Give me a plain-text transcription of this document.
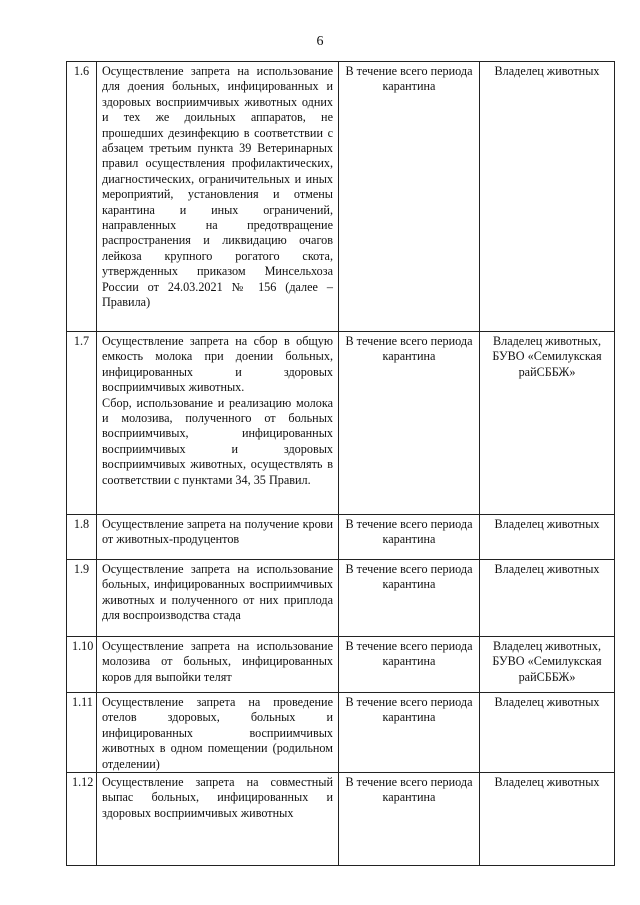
6
1.6	Осуществление запрета на использование для доения больных, инфицированных и здоровых восприимчивых животных одних и тех же доильных аппаратов, не прошедших дезинфекцию в соответствии с абзацем третьим пункта 39 Ветеринарных правил осуществления профилактических, диагностических, ограничительных и иных мероприятий, установления и отмены карантина и иных ограничений, направленных на предотвращение распространения и ликвидацию очагов лейкоза крупного рогатого скота, утвержденных приказом Минсельхоза России от 24.03.2021 № 156 (далее – Правила)	В течение всего периода карантина	Владелец животных
1.7	Осуществление запрета на сбор в общую емкость молока при доении больных, инфицированных и здоровых восприимчивых животных.
Сбор, использование и реализацию молока и молозива, полученного от больных восприимчивых, инфицированных восприимчивых и здоровых восприимчивых животных, осуществлять в соответствии с пунктами 34, 35 Правил.	В течение всего периода карантина	Владелец животных, БУВО «Семилукская райСББЖ»
1.8	Осуществление запрета на получение крови от животных-продуцентов	В течение всего периода карантина	Владелец животных
1.9	Осуществление запрета на использование больных, инфицированных восприимчивых животных и полученного от них приплода для воспроизводства стада	В течение всего периода карантина	Владелец животных
1.10	Осуществление запрета на использование молозива от больных, инфицированных коров для выпойки телят	В течение всего периода карантина	Владелец животных, БУВО «Семилукская райСББЖ»
1.11	Осуществление запрета на проведение отелов здоровых, больных и инфицированных восприимчивых животных в одном помещении (родильном отделении)	В течение всего периода карантина	Владелец животных
1.12	Осуществление запрета на совместный выпас больных, инфицированных и здоровых восприимчивых животных	В течение всего периода карантина	Владелец животных
